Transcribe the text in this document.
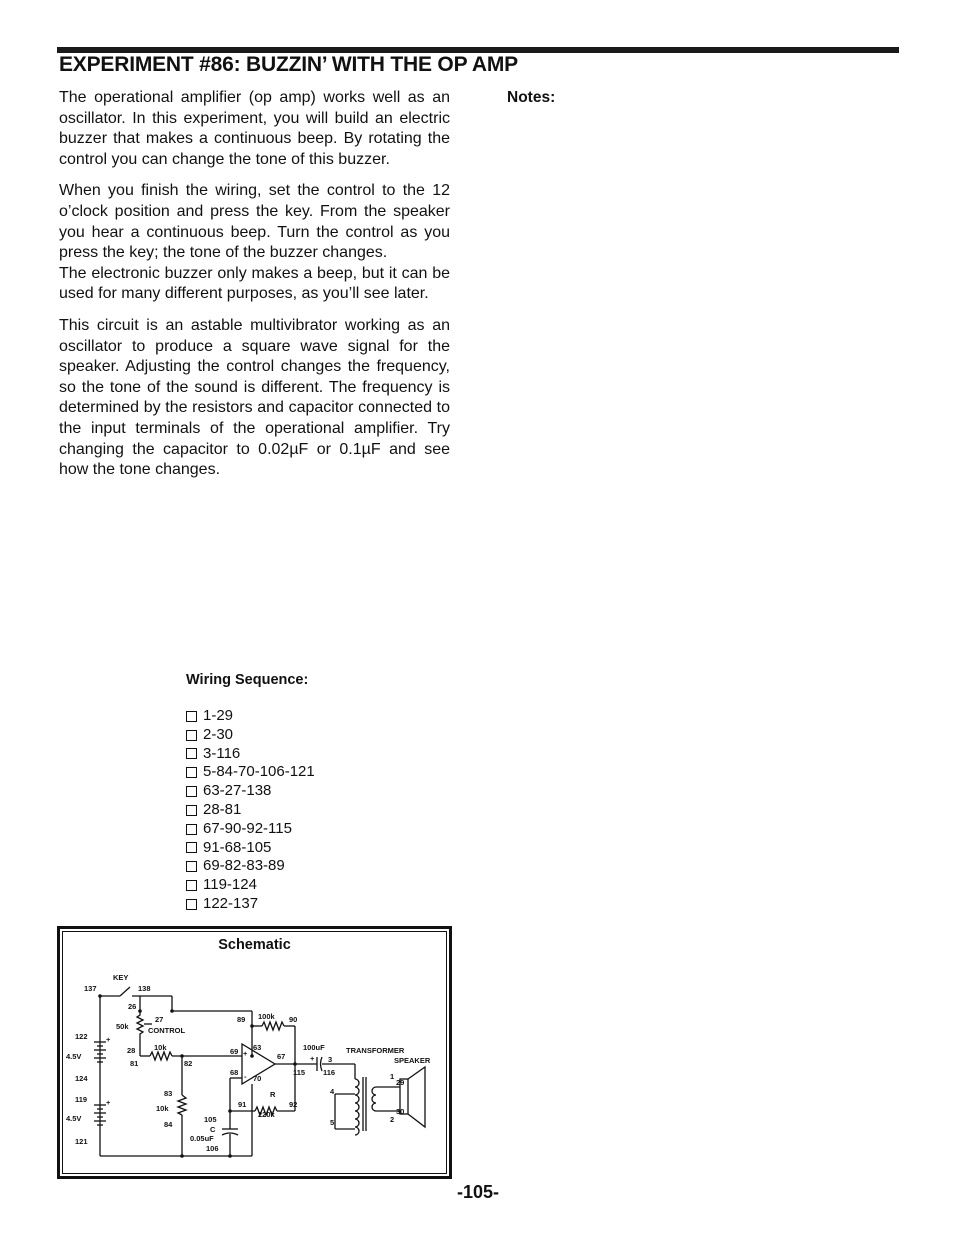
EXPERIMENT #86: BUZZIN’ WITH THE OP AMP

The operational amplifier (op amp) works well as an oscillator. In this experiment, you will build an electric buzzer that makes a continuous beep. By rotating the control you can change the tone of this buzzer.

When you finish the wiring, set the control to the 12 o’clock position and press the key. From the speaker you hear a continuous beep. Turn the control as you press the key; the tone of the buzzer changes.

The electronic buzzer only makes a beep, but it can be used for many different purposes, as you’ll see later.

This circuit is an astable multivibrator working as an oscillator to produce a square wave signal for the speaker. Adjusting the control changes the frequency, so the tone of the sound is different. The frequency is determined by the resistors and capacitor connected to the input terminals of the operational amplifier. Try changing the capacitor to 0.02µF or 0.1µF and see how the tone changes.

Notes:
Wiring Sequence:
1-29
2-30
3-116
5-84-70-106-121
63-27-138
28-81
67-90-92-115
91-68-105
69-82-83-89
119-124
122-137
Schematic
KEY
137	138
26
50k
27
CONTROL
28
81
10k
82
122
4.5V
124
119
4.5V
121
83
10k
84
89 100k 90
69 63
67
68
70
R
91
220k
92
105
C
0.05uF
106
100uF
115
3
116
TRANSFORMER
SPEAKER
4
5
1
29
30
2
+
+
+
-
+
-105-
